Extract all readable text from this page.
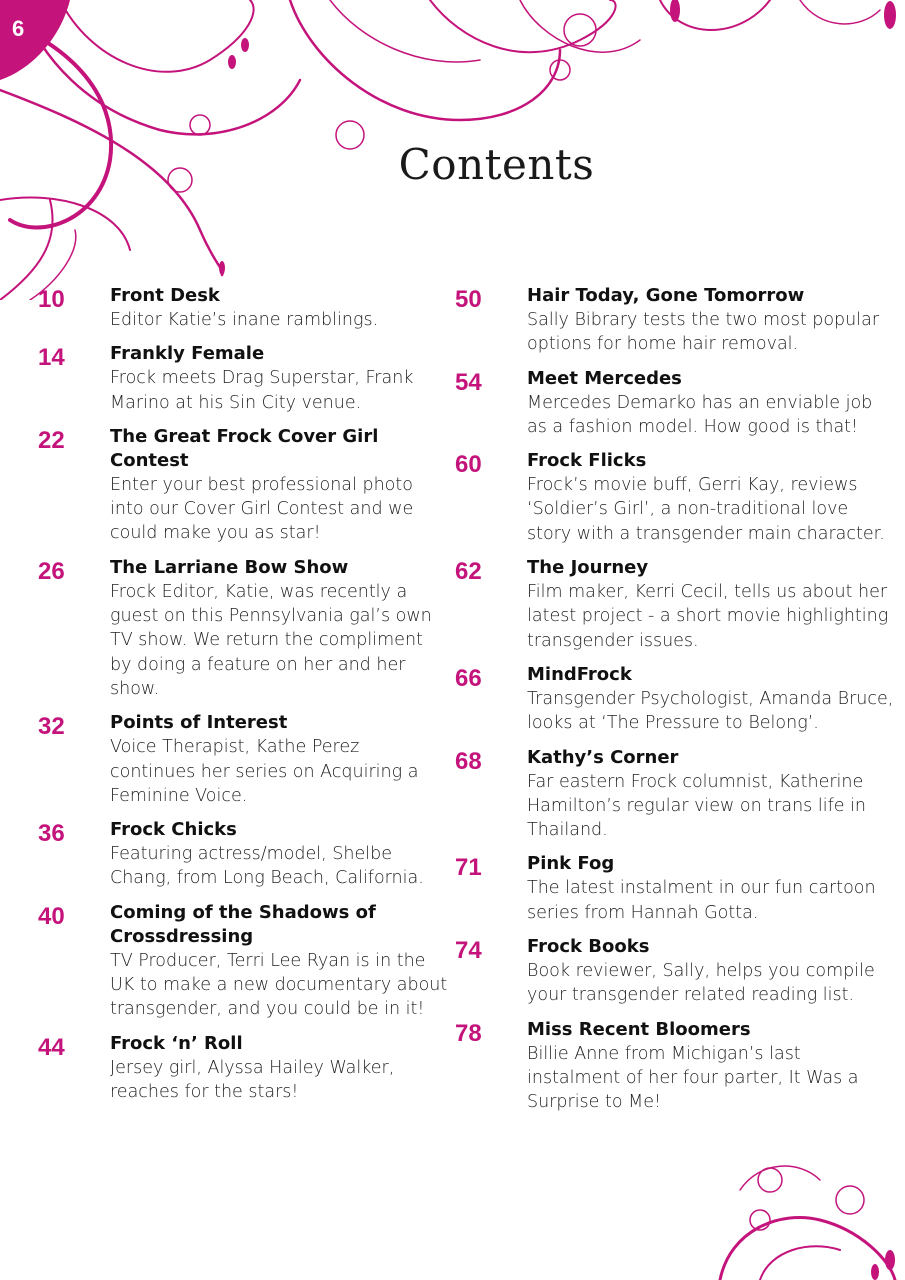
6
Contents
10	Front Desk
Editor Katie’s inane ramblings.
14	Frankly Female
Frock meets Drag Superstar, Frank Marino at his Sin City venue.
22	The Great Frock Cover Girl Contest
Enter your best professional photo into our Cover Girl Contest and we could make you as star!
26	The Larriane Bow Show
Frock Editor, Katie, was recently a guest on this Pennsylvania gal’s own TV show. We return the compliment by doing a feature on her and her show.
32	Points of Interest
Voice Therapist, Kathe Perez continues her series on Acquiring a Feminine Voice.
36	Frock Chicks
Featuring actress/model, Shelbe Chang, from Long Beach, California.
40	Coming of the Shadows of Crossdressing
TV Producer, Terri Lee Ryan is in the UK to make a new documentary about transgender, and you could be in it!
44	Frock ‘n’ Roll
Jersey girl, Alyssa Hailey Walker, reaches for the stars!
50	Hair Today, Gone Tomorrow
Sally Bibrary tests the two most popular options for home hair removal.
54	Meet Mercedes
Mercedes Demarko has an enviable job as a fashion model. How good is that!
60	Frock Flicks
Frock’s movie buff, Gerri Kay, reviews ‘Soldier’s Girl’, a non-traditional love story with a transgender main character.
62	The Journey
Film maker, Kerri Cecil, tells us about her latest project - a short movie highlighting transgender issues.
66	MindFrock
Transgender Psychologist, Amanda Bruce, looks at ‘The Pressure to Belong’.
68	Kathy’s Corner
Far eastern Frock columnist, Katherine Hamilton’s regular view on trans life in Thailand.
71	Pink Fog
The latest instalment in our fun cartoon series from Hannah Gotta.
74	Frock Books
Book reviewer, Sally, helps you compile your transgender related reading list.
78	Miss Recent Bloomers
Billie Anne from Michigan’s last instalment of her four parter, It Was a Surprise to Me!
